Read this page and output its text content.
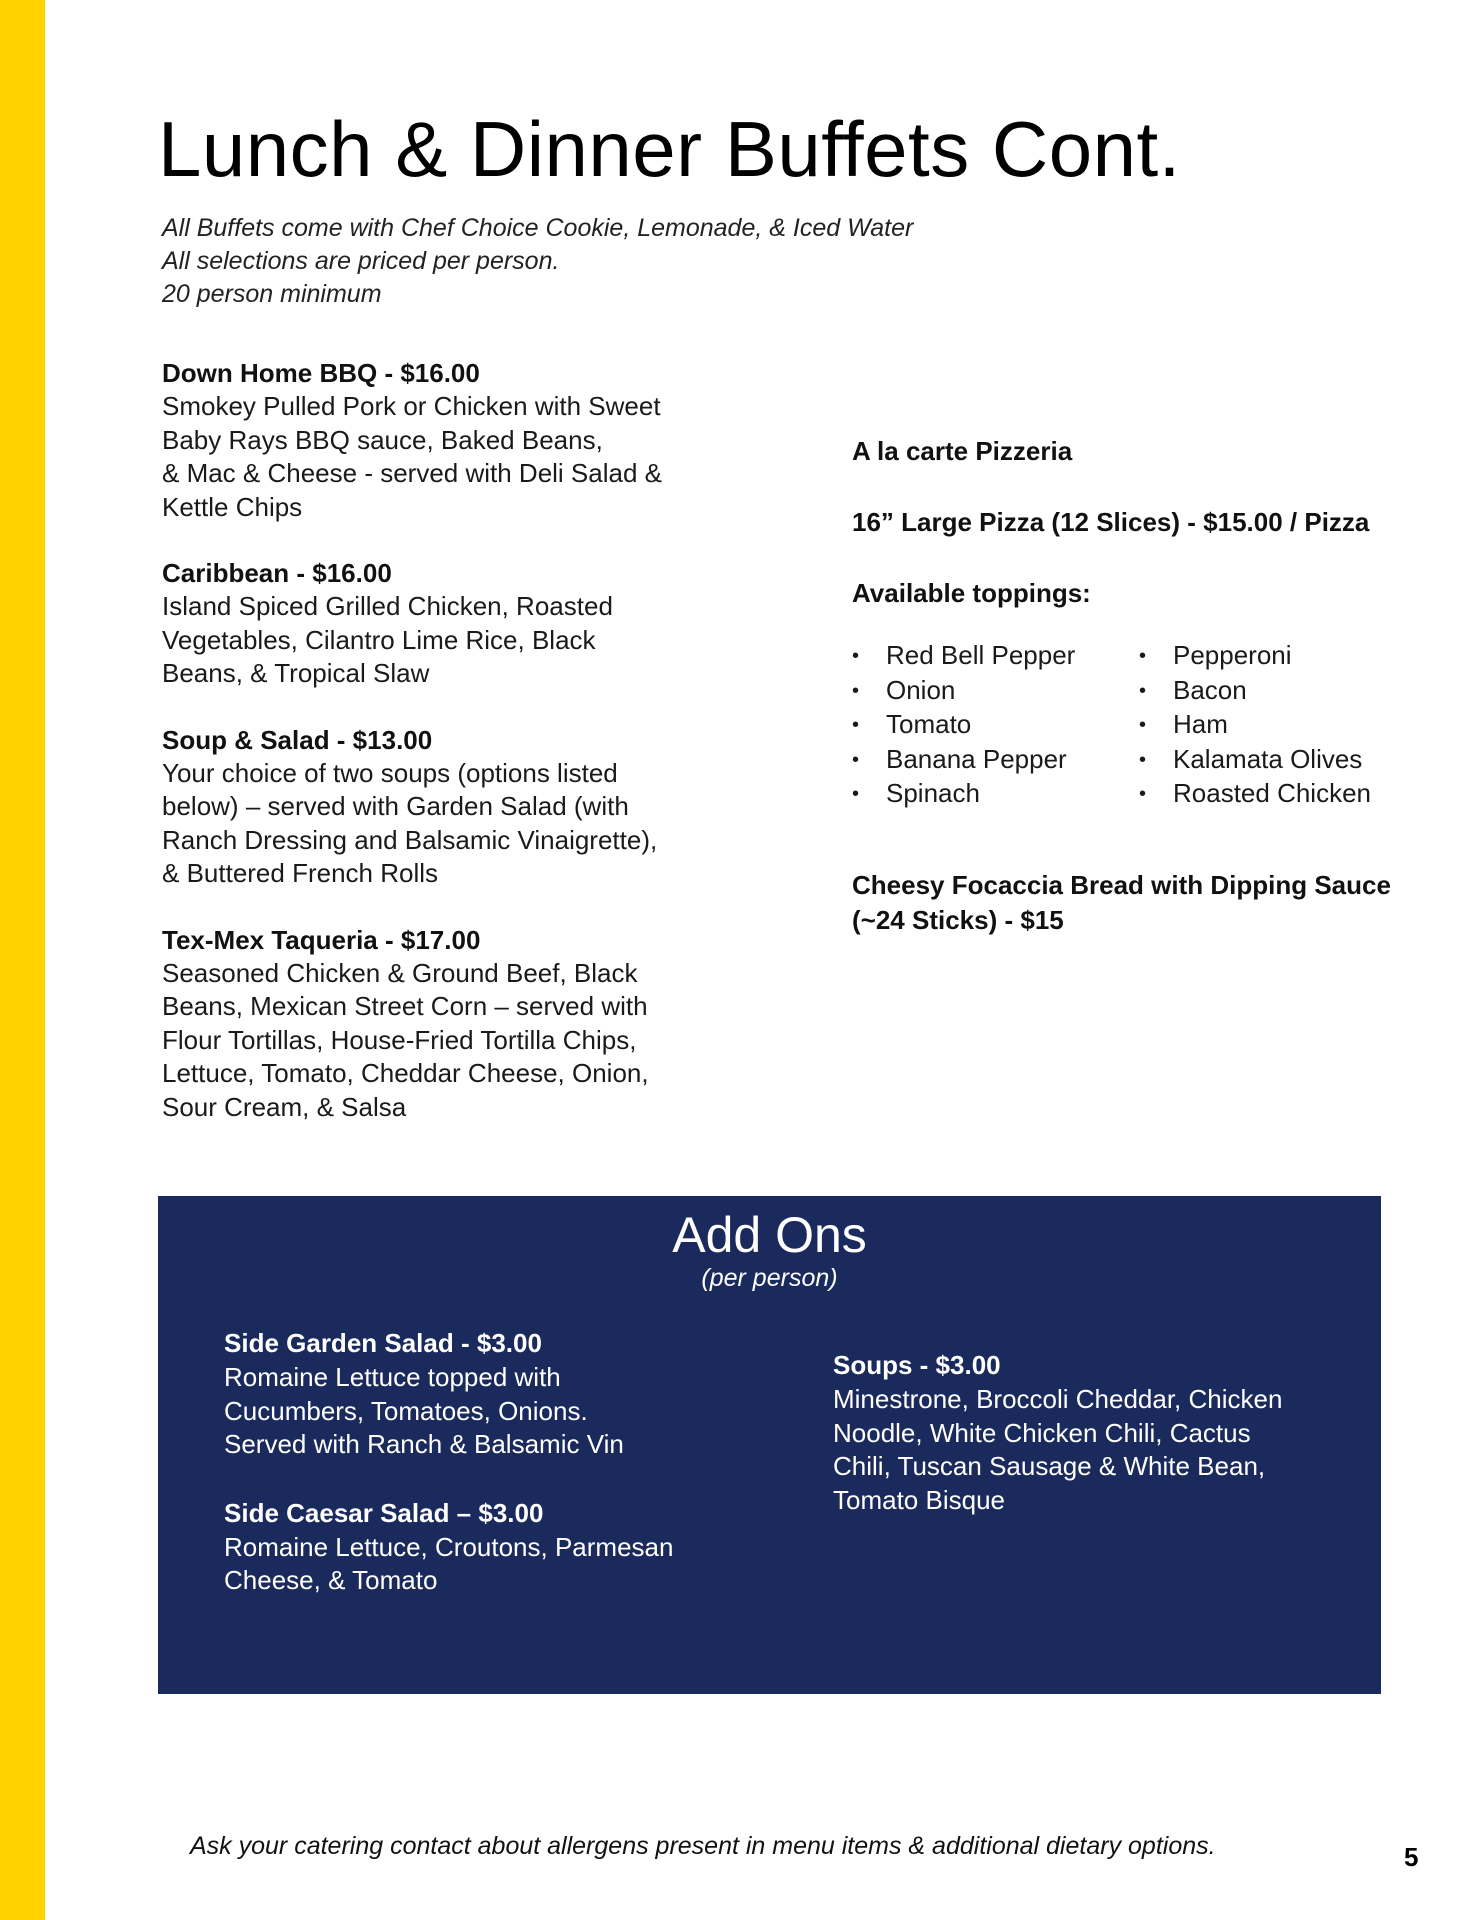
Lunch & Dinner Buffets Cont.
All Buffets come with Chef Choice Cookie, Lemonade, & Iced Water
All selections are priced per person.
20 person minimum
Down Home BBQ - $16.00
Smokey Pulled Pork or Chicken with Sweet
Baby Rays BBQ sauce, Baked Beans,
& Mac & Cheese - served with Deli Salad &
Kettle Chips
Caribbean - $16.00
Island Spiced Grilled Chicken, Roasted
Vegetables, Cilantro Lime Rice, Black
Beans, & Tropical Slaw
Soup & Salad - $13.00
Your choice of two soups (options listed
below) – served with Garden Salad (with
Ranch Dressing and Balsamic Vinaigrette),
& Buttered French Rolls
Tex-Mex Taqueria - $17.00
Seasoned Chicken & Ground Beef, Black
Beans, Mexican Street Corn – served with
Flour Tortillas, House-Fried Tortilla Chips,
Lettuce, Tomato, Cheddar Cheese, Onion,
Sour Cream, & Salsa
A la carte Pizzeria
16” Large Pizza (12 Slices) - $15.00 / Pizza
Available toppings:
• Red Bell Pepper
• Onion
• Tomato
• Banana Pepper
• Spinach
• Pepperoni
• Bacon
• Ham
• Kalamata Olives
• Roasted Chicken
Cheesy Focaccia Bread with Dipping Sauce (~24 Sticks) - $15
Add Ons
(per person)
Side Garden Salad - $3.00
Romaine Lettuce topped with
Cucumbers, Tomatoes, Onions.
Served with Ranch & Balsamic Vin
Side Caesar Salad – $3.00
Romaine Lettuce, Croutons, Parmesan
Cheese, & Tomato
Soups - $3.00
Minestrone, Broccoli Cheddar, Chicken
Noodle, White Chicken Chili, Cactus
Chili, Tuscan Sausage & White Bean,
Tomato Bisque
Ask your catering contact about allergens present in menu items & additional dietary options.	5
